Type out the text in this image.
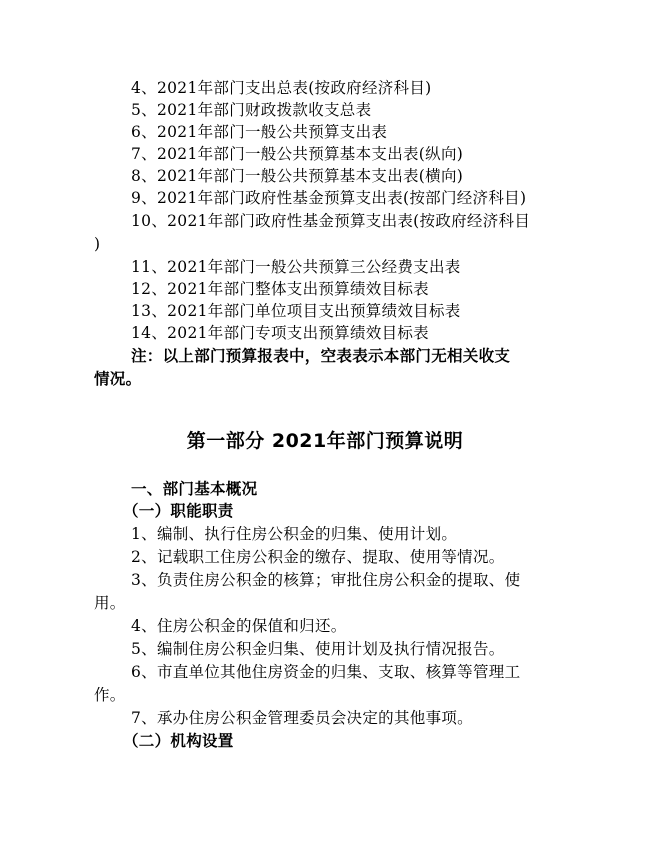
4、2021年部门支出总表(按政府经济科目)
5、2021年部门财政拨款收支总表
6、2021年部门一般公共预算支出表
7、2021年部门一般公共预算基本支出表(纵向)
8、2021年部门一般公共预算基本支出表(横向)
9、2021年部门政府性基金预算支出表(按部门经济科目)
10、2021年部门政府性基金预算支出表(按政府经济科目
)
11、2021年部门一般公共预算三公经费支出表
12、2021年部门整体支出预算绩效目标表
13、2021年部门单位项目支出预算绩效目标表
14、2021年部门专项支出预算绩效目标表
注：以上部门预算报表中，空表表示本部门无相关收支
情况。
第一部分 2021年部门预算说明
一、部门基本概况
（一）职能职责
1、编制、执行住房公积金的归集、使用计划。
2、记载职工住房公积金的缴存、提取、使用等情况。
3、负责住房公积金的核算；审批住房公积金的提取、使
用。
4、住房公积金的保值和归还。
5、编制住房公积金归集、使用计划及执行情况报告。
6、市直单位其他住房资金的归集、支取、核算等管理工
作。
7、承办住房公积金管理委员会决定的其他事项。
（二）机构设置
